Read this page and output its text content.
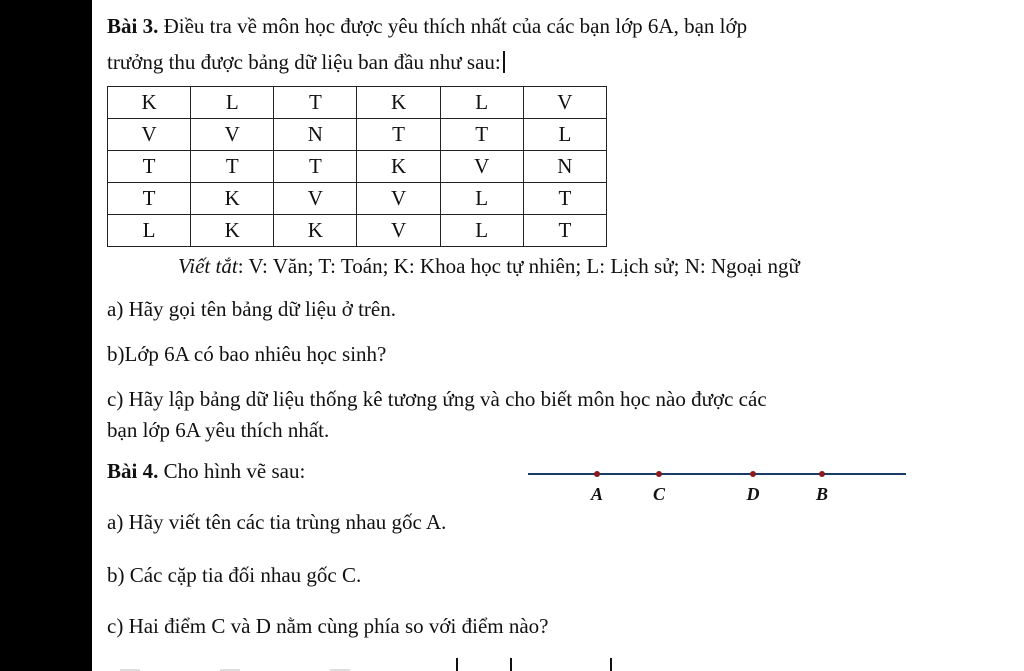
Bài 3. Điều tra về môn học được yêu thích nhất của các bạn lớp 6A, bạn lớp
trưởng thu được bảng dữ liệu ban đầu như sau:
K	L	T	K	L	V
V	V	N	T	T	L
T	T	T	K	V	N
T	K	V	V	L	T
L	K	K	V	L	T
Viết tắt: V: Văn; T: Toán; K: Khoa học tự nhiên; L: Lịch sử; N: Ngoại ngữ
a) Hãy gọi tên bảng dữ liệu ở trên.
b)Lớp 6A có bao nhiêu học sinh?
c) Hãy lập bảng dữ liệu thống kê tương ứng và cho biết môn học nào được các
bạn lớp 6A yêu thích nhất.
Bài 4. Cho hình vẽ sau:
A	C	D	B
a) Hãy viết tên các tia trùng nhau gốc A.
b) Các cặp tia đối nhau gốc C.
c) Hai điểm C và D nằm cùng phía so với điểm nào?
